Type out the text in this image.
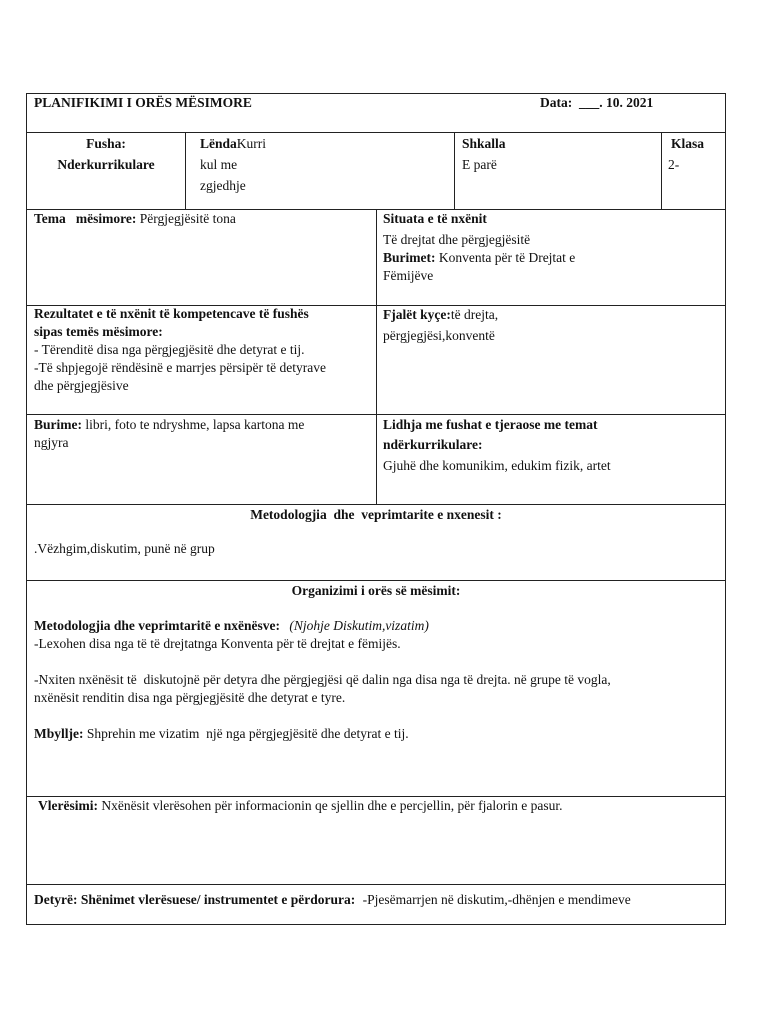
PLANIFIKIMI I ORËS MËSIMORE	Data: ___. 10. 2021
Fusha:
Nderkurrikulare
LëndaKurri
kul me
zgjedhje
Shkalla
E parë
Klasa
2-
Tema   mësimore: Përgjegjësitë tona	Situata e të nxënit
Të drejtat dhe përgjegjësitë
Burimet: Konventa për të Drejtat e
Fëmijëve
Rezultatet e të nxënit të kompetencave të fushës
sipas temës mësimore:
- Tërenditë disa nga përgjegjësitë dhe detyrat e tij.
-Të shpjegojë rëndësinë e marrjes përsipër të detyrave
dhe përgjegjësive
Fjalët kyçe:të drejta,
përgjegjësi,konventë
Burime: libri, foto te ndryshme, lapsa kartona me
ngjyra
Lidhja me fushat e tjeraose me temat
ndërkurrikulare:
Gjuhë dhe komunikim, edukim fizik, artet
Metodologjia  dhe  veprimtarite e nxenesit :
.Vëzhgim,diskutim, punë në grup
Organizimi i orës së mësimit:
Metodologjia dhe veprimtaritë e nxënësve: (Njohje Diskutim,vizatim)
-Lexohen disa nga të të drejtatnga Konventa për të drejtat e fëmijës.
-Nxiten nxënësit të  diskutojnë për detyra dhe përgjegjësi që dalin nga disa nga të drejta. në grupe të vogla,
nxënësit renditin disa nga përgjegjësitë dhe detyrat e tyre.
Mbyllje: Shprehin me vizatim  një nga përgjegjësitë dhe detyrat e tij.
Vlerësimi: Nxënësit vlerësohen për informacionin qe sjellin dhe e percjellin, për fjalorin e pasur.
Detyrë: Shënimet vlerësuese/ instrumentet e përdorura: -Pjesëmarrjen në diskutim,-dhënjen e mendimeve
